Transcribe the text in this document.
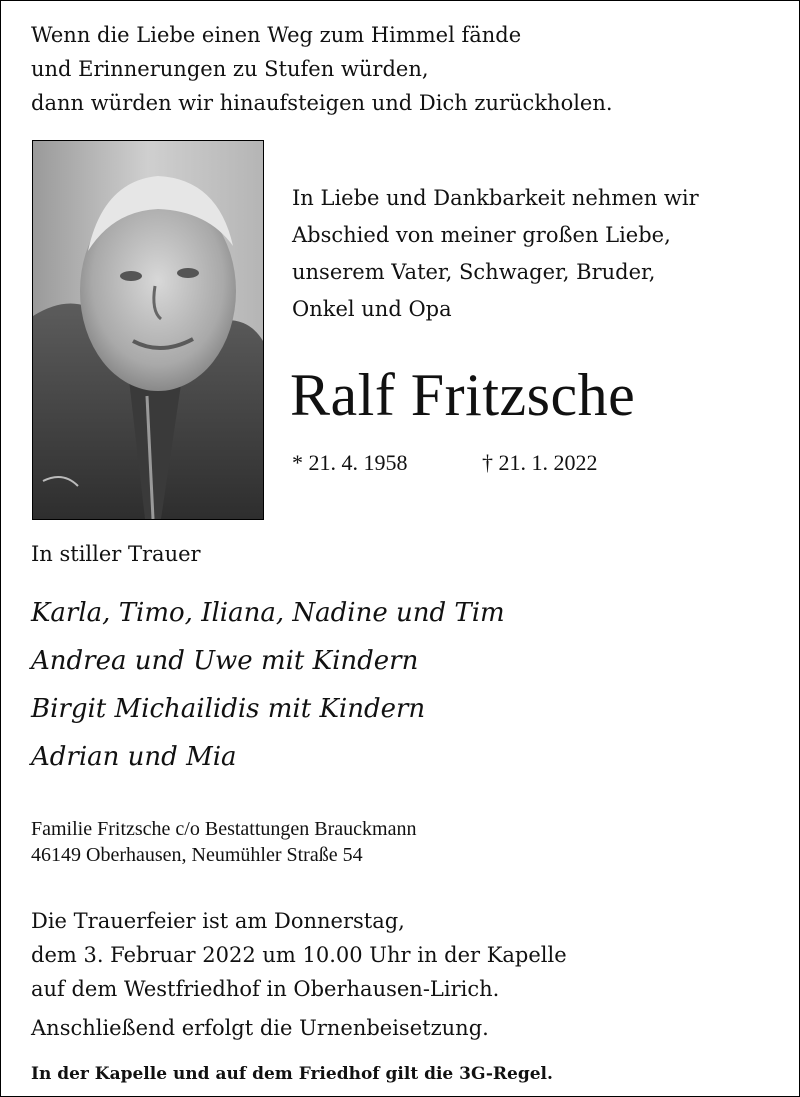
Wenn die Liebe einen Weg zum Himmel fände
und Erinnerungen zu Stufen würden,
dann würden wir hinaufsteigen und Dich zurückholen.
In Liebe und Dankbarkeit nehmen wir
Abschied von meiner großen Liebe,
unserem Vater, Schwager, Bruder,
Onkel und Opa
Ralf Fritzsche
* 21. 4. 1958	† 21. 1. 2022
In stiller Trauer
Karla, Timo, Iliana, Nadine und Tim
Andrea und Uwe mit Kindern
Birgit Michailidis mit Kindern
Adrian und Mia
Familie Fritzsche c/o Bestattungen Brauckmann
46149 Oberhausen, Neumühler Straße 54
Die Trauerfeier ist am Donnerstag,
dem 3. Februar 2022 um 10.00 Uhr in der Kapelle
auf dem Westfriedhof in Oberhausen-Lirich.
Anschließend erfolgt die Urnenbeisetzung.
In der Kapelle und auf dem Friedhof gilt die 3G-Regel.
